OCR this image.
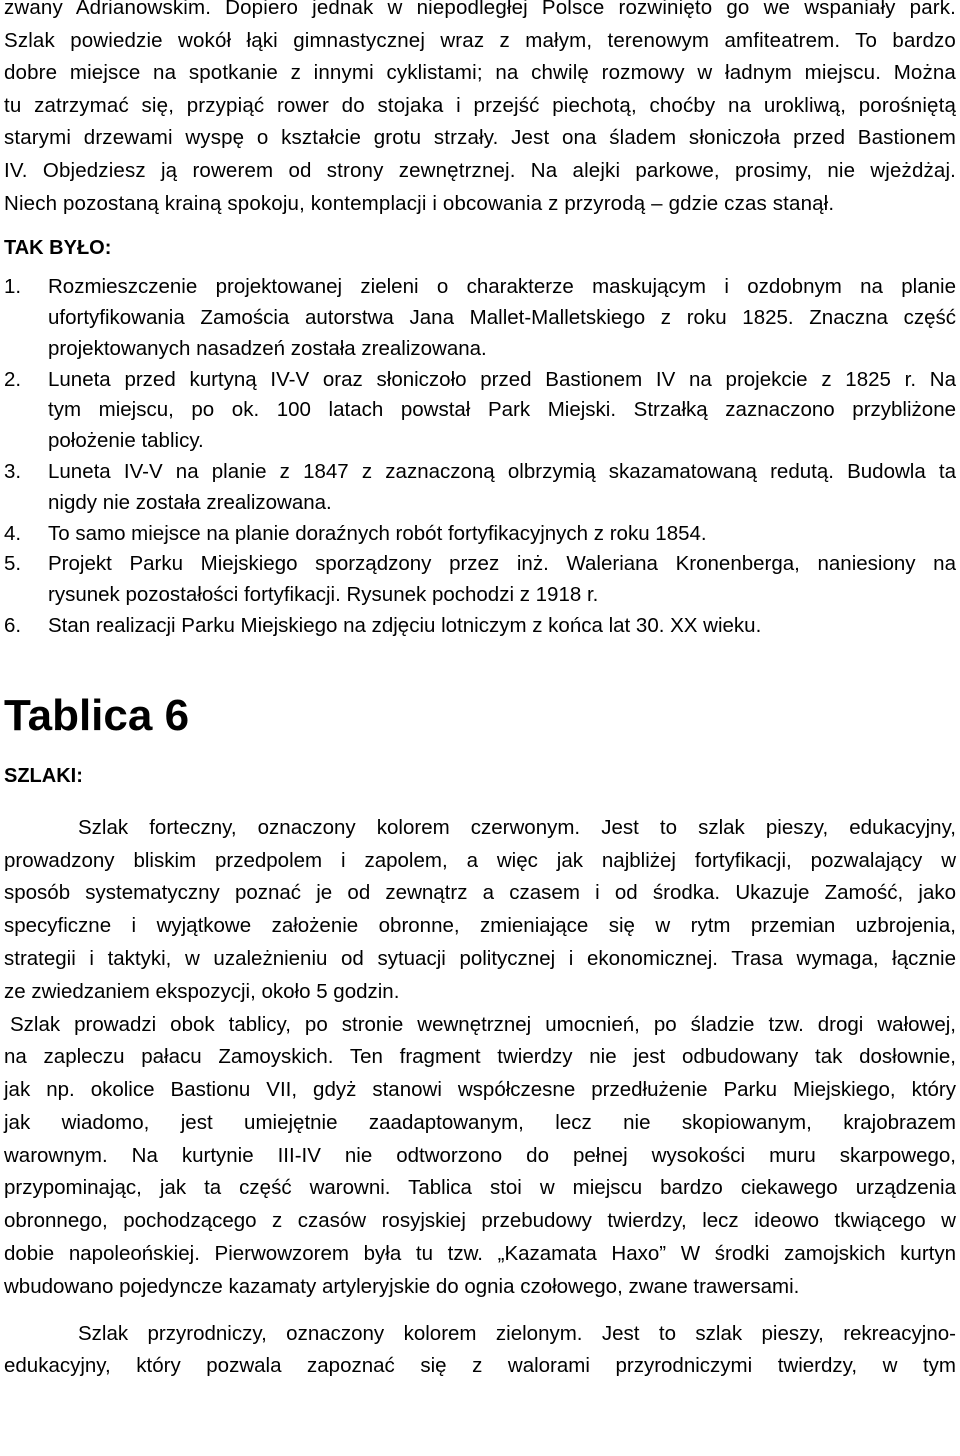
zwany Adrianowskim. Dopiero jednak w niepodległej Polsce rozwinięto go we wspaniały park.

Szlak powiedzie wokół łąki gimnastycznej wraz z małym, terenowym amfiteatrem. To bardzo

dobre miejsce na spotkanie z innymi cyklistami; na chwilę rozmowy w ładnym miejscu. Można

tu zatrzymać się, przypiąć rower do stojaka i przejść piechotą, choćby na urokliwą, porośniętą

starymi drzewami wyspę o kształcie grotu strzały. Jest ona śladem słoniczoła przed Bastionem

IV. Objedziesz ją rowerem od strony zewnętrznej. Na alejki parkowe, prosimy, nie wjeżdżaj.

Niech pozostaną krainą spokoju, kontemplacji i obcowania z przyrodą – gdzie czas stanął.

TAK BYŁO:

1. Rozmieszczenie projektowanej zieleni o charakterze maskującym i ozdobnym na planie
ufortyfikowania Zamościa autorstwa Jana Mallet-Malletskiego z roku 1825. Znaczna część
projektowanych nasadzeń została zrealizowana.
2. Luneta przed kurtyną IV-V oraz słoniczoło przed Bastionem IV na projekcie z 1825 r. Na
tym miejscu, po ok. 100 latach powstał Park Miejski. Strzałką zaznaczono przybliżone
położenie tablicy.
3. Luneta IV-V na planie z 1847 z zaznaczoną olbrzymią skazamatowaną redutą. Budowla ta
nigdy nie została zrealizowana.
4. To samo miejsce na planie doraźnych robót fortyfikacyjnych z roku 1854.
5. Projekt Parku Miejskiego sporządzony przez inż. Waleriana Kronenberga, naniesiony na
rysunek pozostałości fortyfikacji. Rysunek pochodzi z 1918 r.
6. Stan realizacji Parku Miejskiego na zdjęciu lotniczym z końca lat 30. XX wieku.
Tablica 6

SZLAKI:

Szlak forteczny, oznaczony kolorem czerwonym. Jest to szlak pieszy, edukacyjny,

prowadzony bliskim przedpolem i zapolem, a więc jak najbliżej fortyfikacji, pozwalający w

sposób systematyczny poznać je od zewnątrz a czasem i od środka. Ukazuje Zamość, jako

specyficzne i wyjątkowe założenie obronne, zmieniające się w rytm przemian uzbrojenia,

strategii i taktyki, w uzależnieniu od sytuacji politycznej i ekonomicznej. Trasa wymaga, łącznie

ze zwiedzaniem ekspozycji, około 5 godzin.

Szlak prowadzi obok tablicy, po stronie wewnętrznej umocnień, po śladzie tzw. drogi wałowej,

na zapleczu pałacu Zamoyskich. Ten fragment twierdzy nie jest odbudowany tak dosłownie,

jak np. okolice Bastionu VII, gdyż stanowi współczesne przedłużenie Parku Miejskiego, który

jak wiadomo, jest umiejętnie zaadaptowanym, lecz nie skopiowanym, krajobrazem

warownym. Na kurtynie III-IV nie odtworzono do pełnej wysokości muru skarpowego,

przypominając, jak ta część warowni. Tablica stoi w miejscu bardzo ciekawego urządzenia

obronnego, pochodzącego z czasów rosyjskiej przebudowy twierdzy, lecz ideowo tkwiącego w

dobie napoleońskiej. Pierwowzorem była tu tzw. „Kazamata Haxo” W środki zamojskich kurtyn

wbudowano pojedyncze kazamaty artyleryjskie do ognia czołowego, zwane trawersami.

Szlak przyrodniczy, oznaczony kolorem zielonym. Jest to szlak pieszy, rekreacyjno-

edukacyjny, który pozwala zapoznać się z walorami przyrodniczymi twierdzy, w tym
